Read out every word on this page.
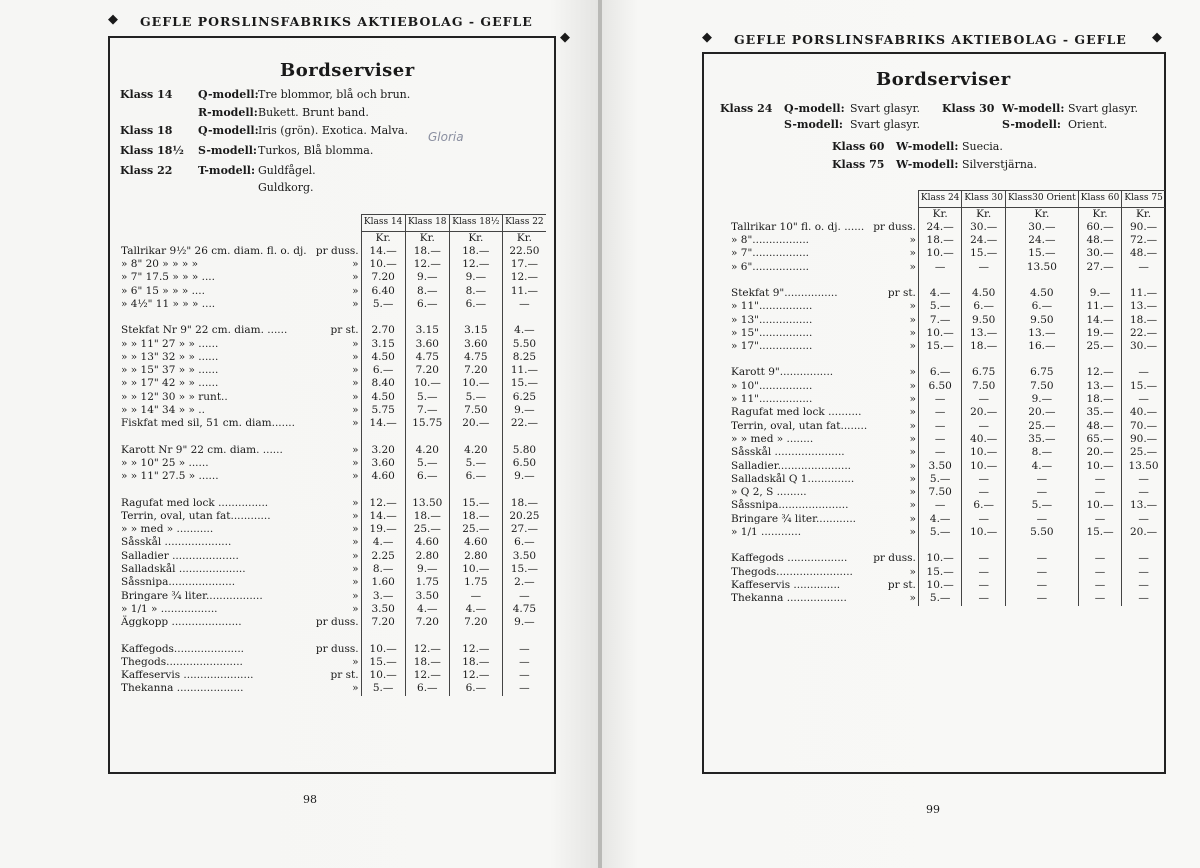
◆ GEFLE PORSLINSFABRIKS AKTIEBOLAG - GEFLE
◆
Bordserviser
Klass 14 Q-modell: Tre blommor, blå och brun.
R-modell: Bukett. Brunt band.
Klass 18 Q-modell: Iris (grön). Exotica. Malva.
Klass 18½ S-modell: Turkos, Blå blomma.
Klass 22 T-modell: Guldfågel.
Guldkorg.
Gloria
		Klass 14	Klass 18	Klass 18½	Klass 22
		Kr.	Kr.	Kr.	Kr.
Tallrikar 9½" 26 cm. diam. fl. o. dj.	pr duss.	14.—	18.—	18.—	22.50
» 8" 20 » » » »	»	10.—	12.—	12.—	17.—
» 7" 17.5 » » » ....	»	7.20	9.—	9.—	12.—
» 6" 15 » » » ....	»	6.40	8.—	8.—	11.—
» 4½" 11 » » » ....	»	5.—	6.—	6.—	—

Stekfat Nr 9" 22 cm. diam. ......	pr st.	2.70	3.15	3.15	4.—
» » 11" 27 » » ......	»	3.15	3.60	3.60	5.50
» » 13" 32 » » ......	»	4.50	4.75	4.75	8.25
» » 15" 37 » » ......	»	6.—	7.20	7.20	11.—
» » 17" 42 » » ......	»	8.40	10.—	10.—	15.—
» » 12" 30 » » runt..	»	4.50	5.—	5.—	6.25
» » 14" 34 » » ..	»	5.75	7.—	7.50	9.—
Fiskfat med sil, 51 cm. diam.......	»	14.—	15.75	20.—	22.—

Karott Nr 9" 22 cm. diam. ......	»	3.20	4.20	4.20	5.80
» » 10" 25 » ......	»	3.60	5.—	5.—	6.50
» » 11" 27.5 » ......	»	4.60	6.—	6.—	9.—

Ragufat med lock ...............	»	12.—	13.50	15.—	18.—
Terrin, oval, utan fat............	»	14.—	18.—	18.—	20.25
» » med » ...........	»	19.—	25.—	25.—	27.—
Såsskål ....................	»	4.—	4.60	4.60	6.—
Salladier ....................	»	2.25	2.80	2.80	3.50
Salladskål ....................	»	8.—	9.—	10.—	15.—
Såssnipa....................	»	1.60	1.75	1.75	2.—
Bringare ¾ liter.................	»	3.—	3.50	—	—
» 1/1 » .................	»	3.50	4.—	4.—	4.75
Äggkopp .....................	pr duss.	7.20	7.20	7.20	9.—

Kaffegods.....................	pr duss.	10.—	12.—	12.—	—
Thegods.......................	»	15.—	18.—	18.—	—
Kaffeservis .....................	pr st.	10.—	12.—	12.—	—
Thekanna ....................	»	5.—	6.—	6.—	—
98
◆ GEFLE PORSLINSFABRIKS AKTIEBOLAG - GEFLE ◆
Bordserviser
Klass 24 Q-modell: Svart glasyr.
S-modell: Svart glasyr.
Klass 30 W-modell: Svart glasyr.
S-modell: Orient.
Klass 60 W-modell: Suecia.
Klass 75 W-modell: Silverstjärna.
		Klass 24	Klass 30	Klass30 Orient	Klass 60	Klass 75
		Kr.	Kr.	Kr.	Kr.	Kr.
Tallrikar 10" fl. o. dj. ......	pr duss.	24.—	30.—	30.—	60.—	90.—
» 8".................	»	18.—	24.—	24.—	48.—	72.—
» 7".................	»	10.—	15.—	15.—	30.—	48.—
» 6".................	»	—	—	13.50	27.—	—

Stekfat 9"................	pr st.	4.—	4.50	4.50	9.—	11.—
» 11"................	»	5.—	6.—	6.—	11.—	13.—
» 13"................	»	7.—	9.50	9.50	14.—	18.—
» 15"................	»	10.—	13.—	13.—	19.—	22.—
» 17"................	»	15.—	18.—	16.—	25.—	30.—

Karott 9"................	»	6.—	6.75	6.75	12.—	—
» 10"................	»	6.50	7.50	7.50	13.—	15.—
» 11"................	»	—	—	9.—	18.—	—
Ragufat med lock ..........	»	—	20.—	20.—	35.—	40.—
Terrin, oval, utan fat........	»	—	—	25.—	48.—	70.—
» » med » ........	»	—	40.—	35.—	65.—	90.—
Såsskål .....................	»	—	10.—	8.—	20.—	25.—
Salladier......................	»	3.50	10.—	4.—	10.—	13.50
Salladskål Q 1..............	»	5.—	—	—	—	—
» Q 2, S .........	»	7.50	—	—	—	—
Såssnipa.....................	»	—	6.—	5.—	10.—	13.—
Bringare ¾ liter............	»	4.—	—	—	—	—
» 1/1 ............	»	5.—	10.—	5.50	15.—	20.—

Kaffegods ..................	pr duss.	10.—	—	—	—	—
Thegods.......................	»	15.—	—	—	—	—
Kaffeservis ..............	pr st.	10.—	—	—	—	—
Thekanna ..................	»	5.—	—	—	—	—
99
